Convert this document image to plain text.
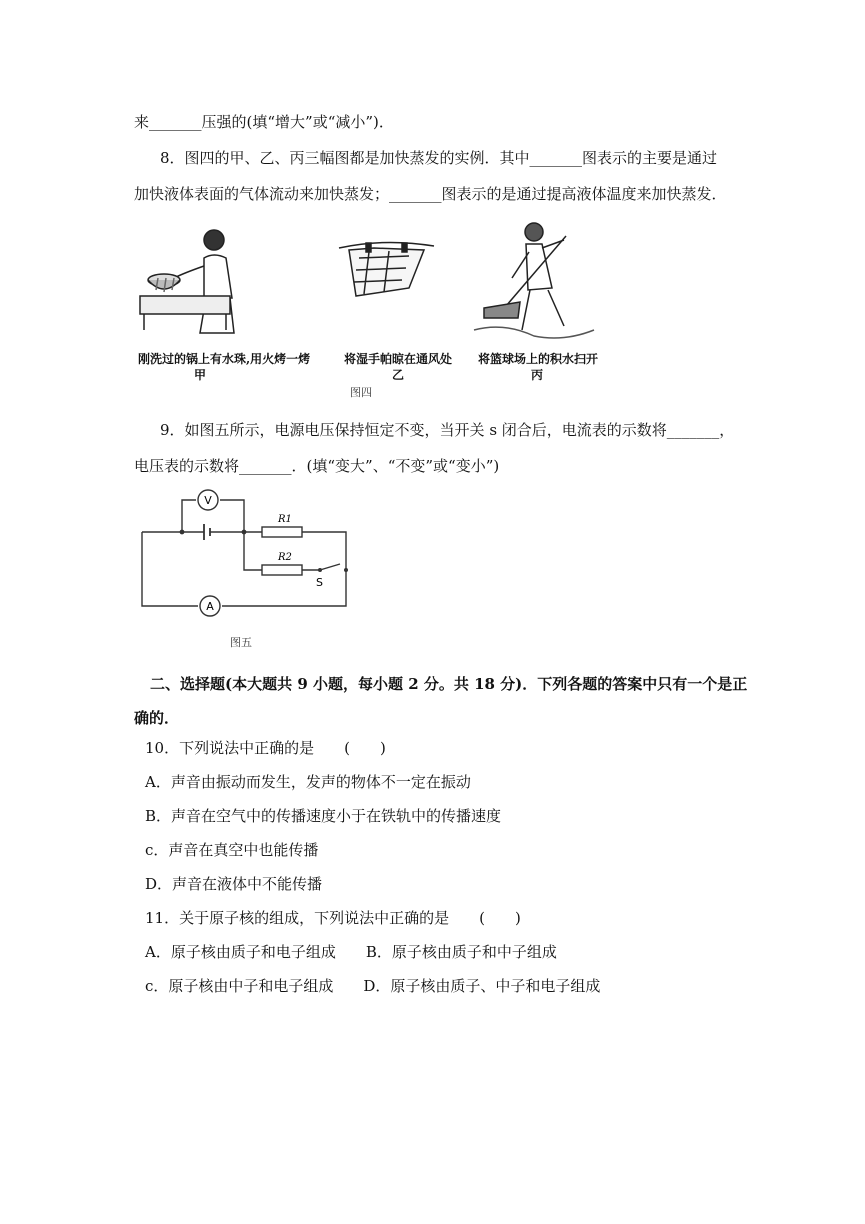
来_______压强的(填“增大”或“减小”)．
8．图四的甲、乙、丙三幅图都是加快蒸发的实例．其中_______图表示的主要是通过
加快液体表面的气体流动来加快蒸发；_______图表示的是通过提高液体温度来加快蒸发．
刚洗过的锅上有水珠,用火烤一烤
甲
将湿手帕晾在通风处
乙
将篮球场上的积水扫开
丙
图四
9．如图五所示，电源电压保持恒定不变，当开关 s 闭合后，电流表的示数将_______，
电压表的示数将_______．(填“变大”、“不变”或“变小”)
V
A
R1
R2
S
图五
二、选择题(本大题共 9 小题，每小题 2 分。共 18 分)．下列各题的答案中只有一个是正
确的．
10．下列说法中正确的是　　(　　)
A．声音由振动而发生，发声的物体不一定在振动
B．声音在空气中的传播速度小于在铁轨中的传播速度
c．声音在真空中也能传播
D．声音在液体中不能传播
11．关于原子核的组成，下列说法中正确的是　　(　　)
A．原子核由质子和电子组成　　B．原子核由质子和中子组成
c．原子核由中子和电子组成　　D．原子核由质子、中子和电子组成
